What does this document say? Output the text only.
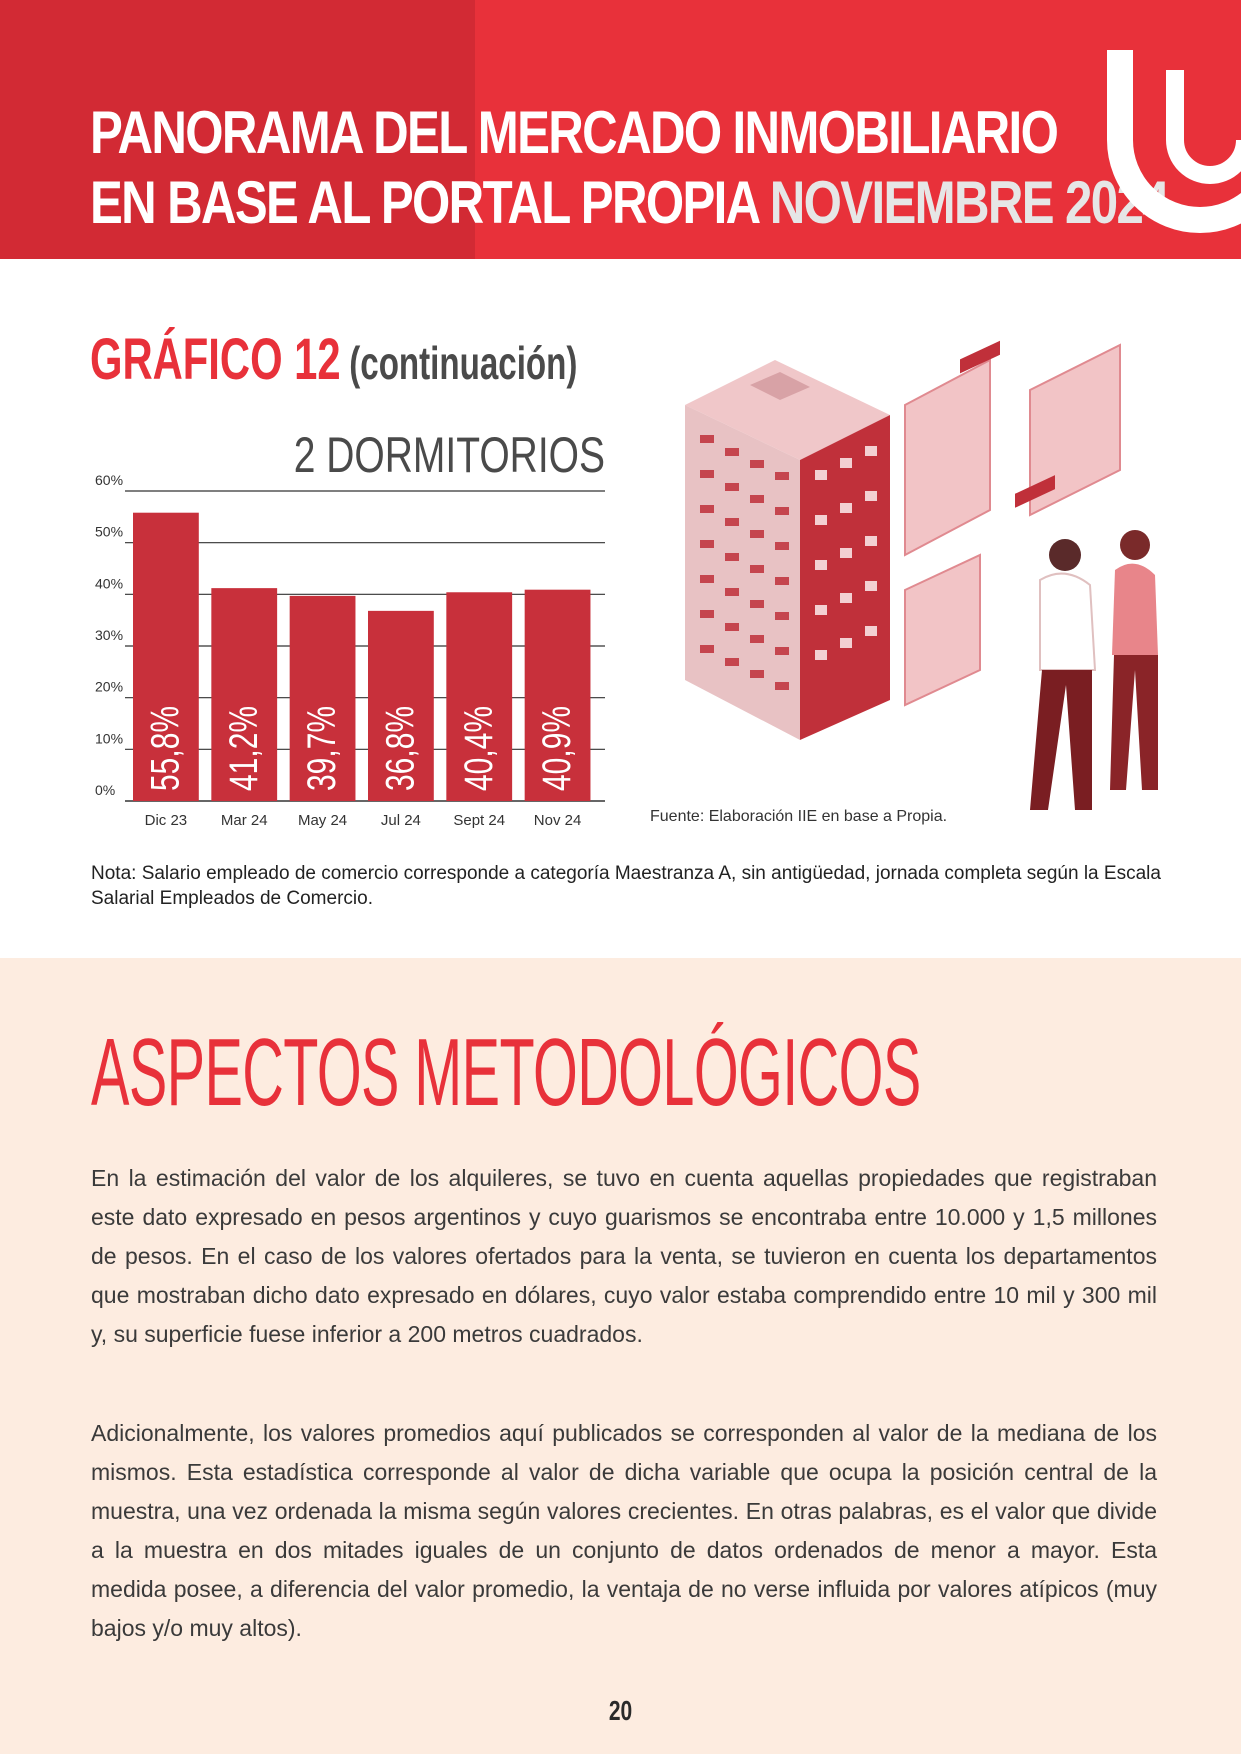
PANORAMA DEL MERCADO INMOBILIARIO
EN BASE AL PORTAL PROPIA NOVIEMBRE 2024
GRÁFICO 12 (continuación)
2 DORMITORIOS
0%
10%
20%
30%
40%
50%
60%
55,8% 41,2% 39,7% 36,8% 40,4% 40,9%
Dic 23 Mar 24 May 24 Jul 24 Sept 24 Nov 24	Fuente: Elaboración IIE en base a Propia.

Nota: Salario empleado de comercio corresponde a categoría Maestranza A, sin antigüedad, jornada completa según la Escala Salarial Empleados de Comercio.

ASPECTOS METODOLÓGICOS

En la estimación del valor de los alquileres, se tuvo en cuenta aquellas propiedades que registraban este dato expresado en pesos argentinos y cuyo guarismos se encontraba entre 10.000 y 1,5 millones de pesos. En el caso de los valores ofertados para la venta, se tuvieron en cuenta los departamentos que mostraban dicho dato expresado en dólares, cuyo valor estaba comprendido entre 10 mil y 300 mil y, su superficie fuese inferior a 200 metros cuadrados.

Adicionalmente, los valores promedios aquí publicados se corresponden al valor de la mediana de los mismos. Esta estadística corresponde al valor de dicha variable que ocupa la posición central de la muestra, una vez ordenada la misma según valores crecientes. En otras palabras, es el valor que divide a la muestra en dos mitades iguales de un conjunto de datos ordenados de menor a mayor. Esta medida posee, a diferencia del valor promedio, la ventaja de no verse influida por valores atípicos (muy bajos y/o muy altos).

20
